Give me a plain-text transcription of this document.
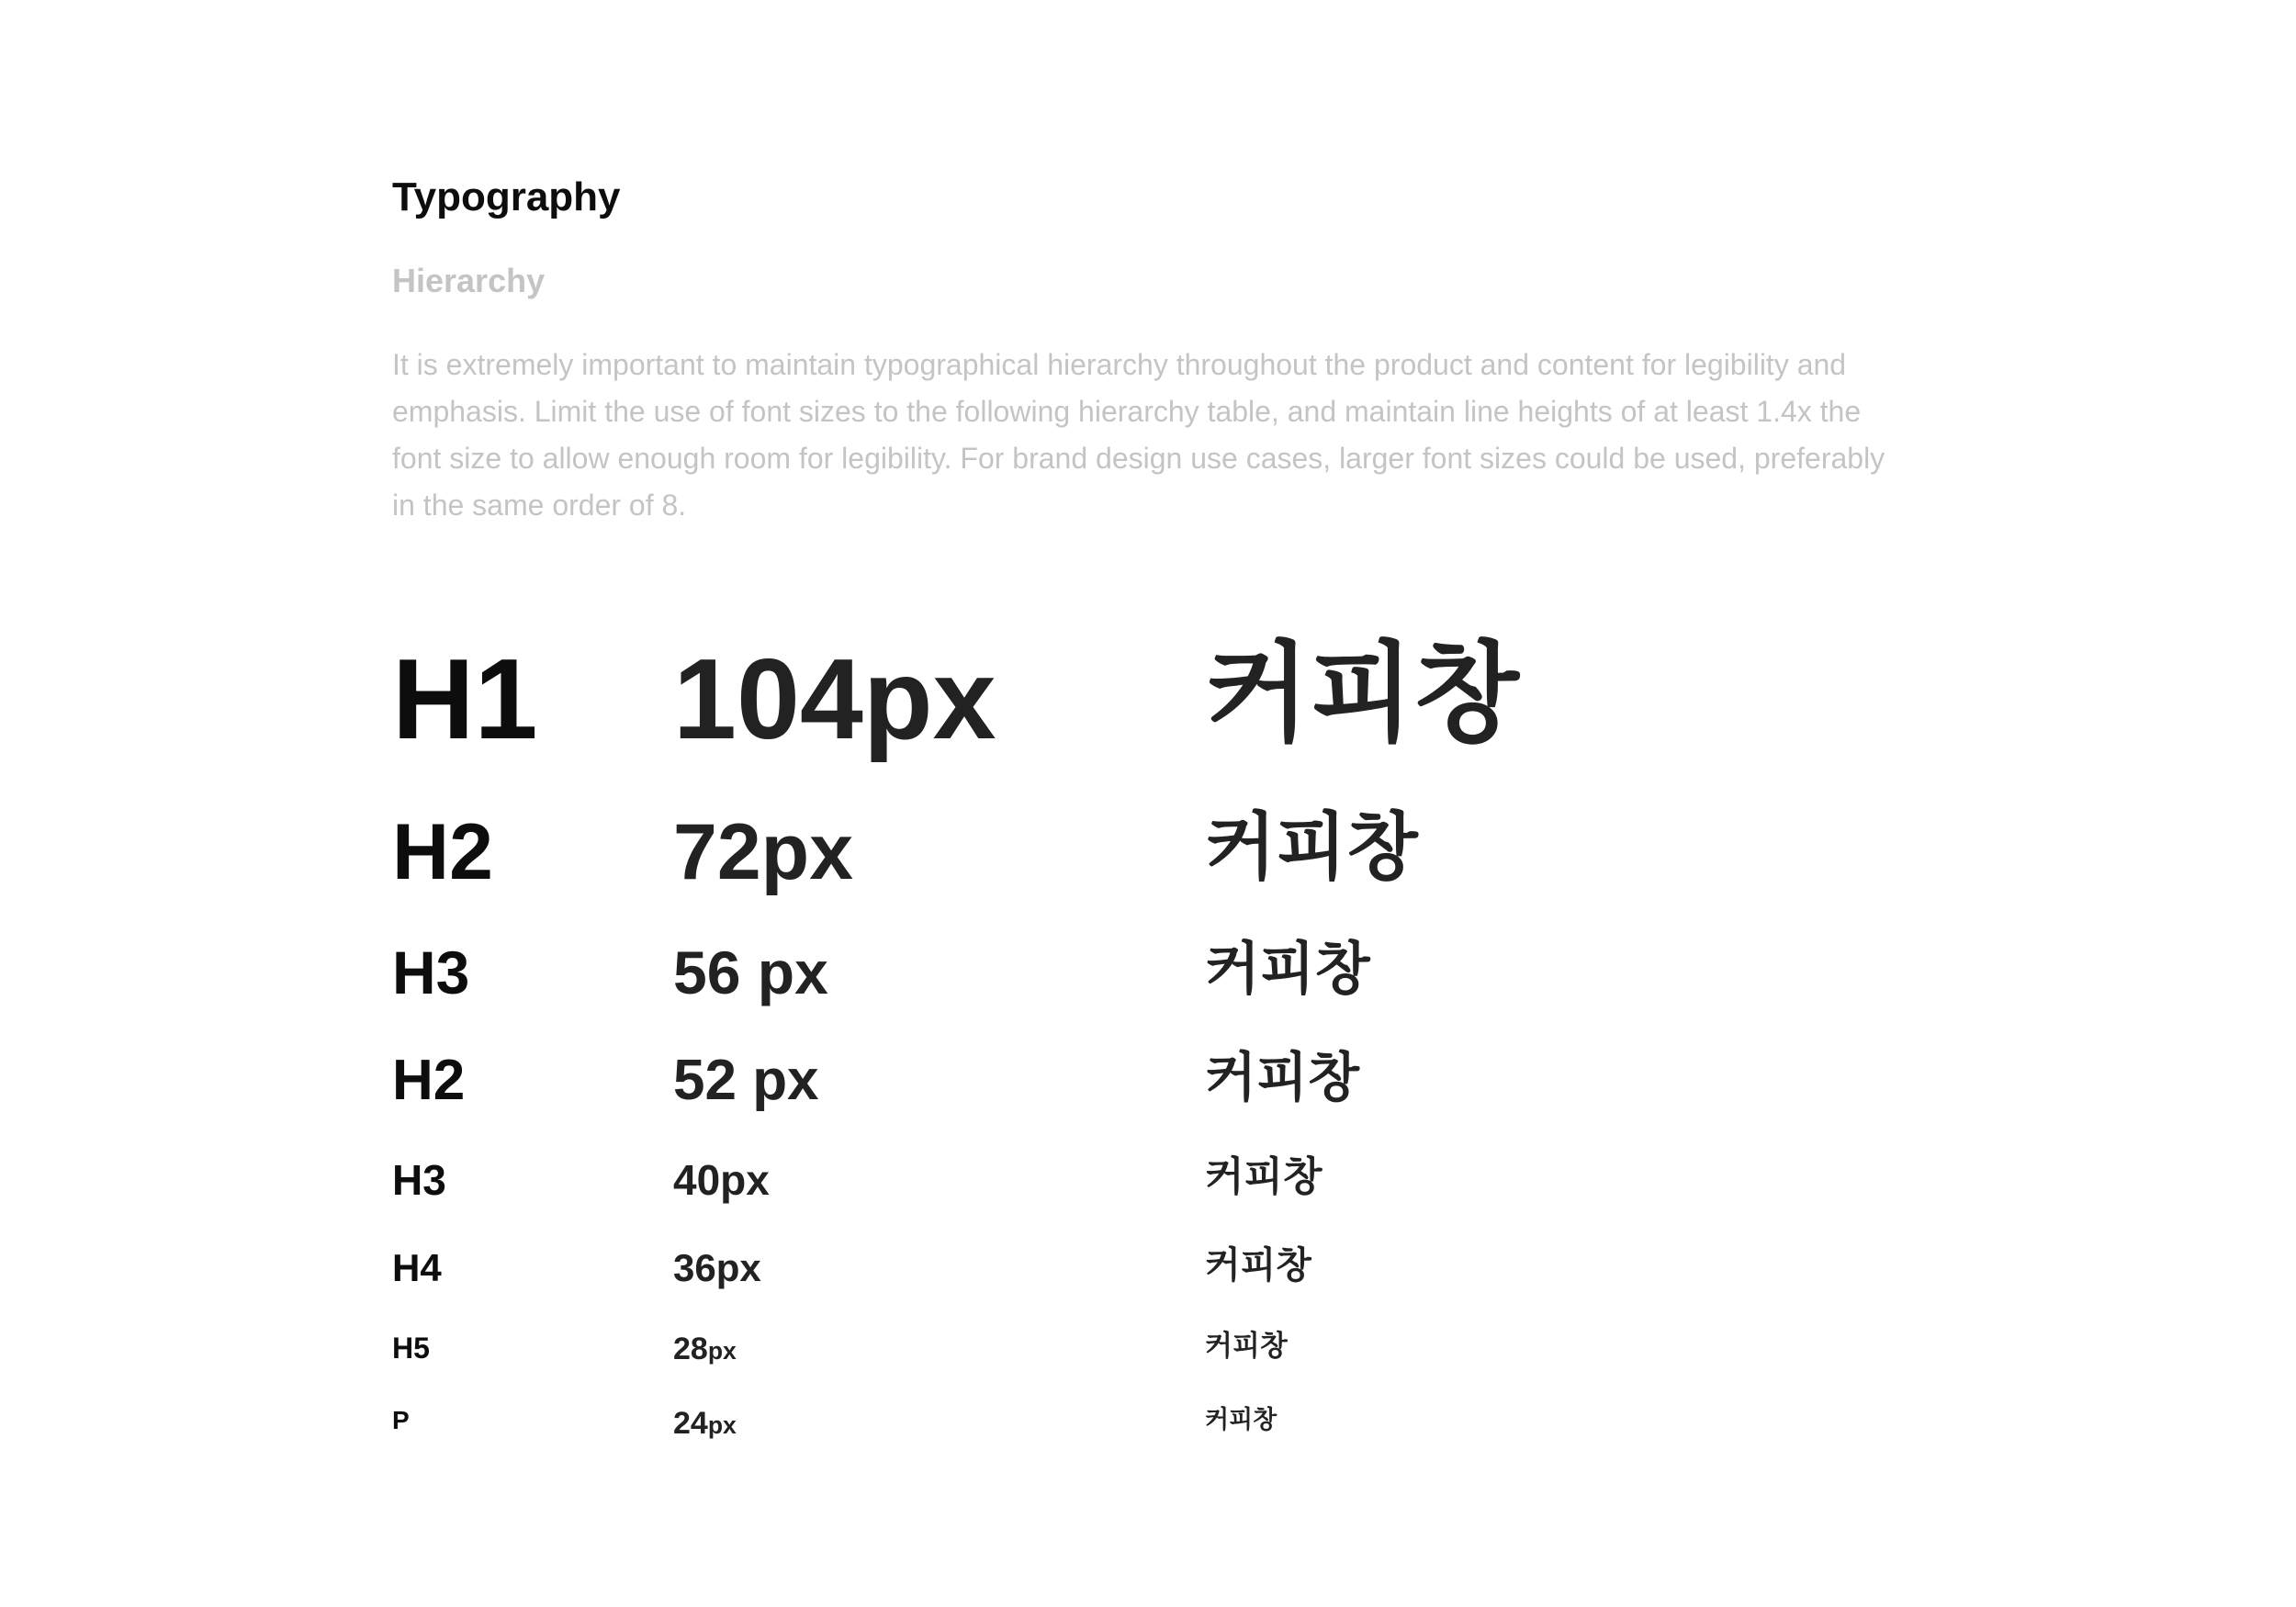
Typography
Hierarchy
It is extremely important to maintain typographical hierarchy throughout the product and content for legibility and emphasis. Limit the use of font sizes to the following hierarchy table, and maintain line heights of at least 1.4x the font size to allow enough room for legibility. For brand design use cases, larger font sizes could be used, preferably in the same order of 8.
H1 104px 커피창
H2 72px	커피창
H3	56 px	커피창
H2	52 px	커피창
H3	40px	커피창
H4	36px	커피창
H5	28px	커피창
P	24px	커피창
